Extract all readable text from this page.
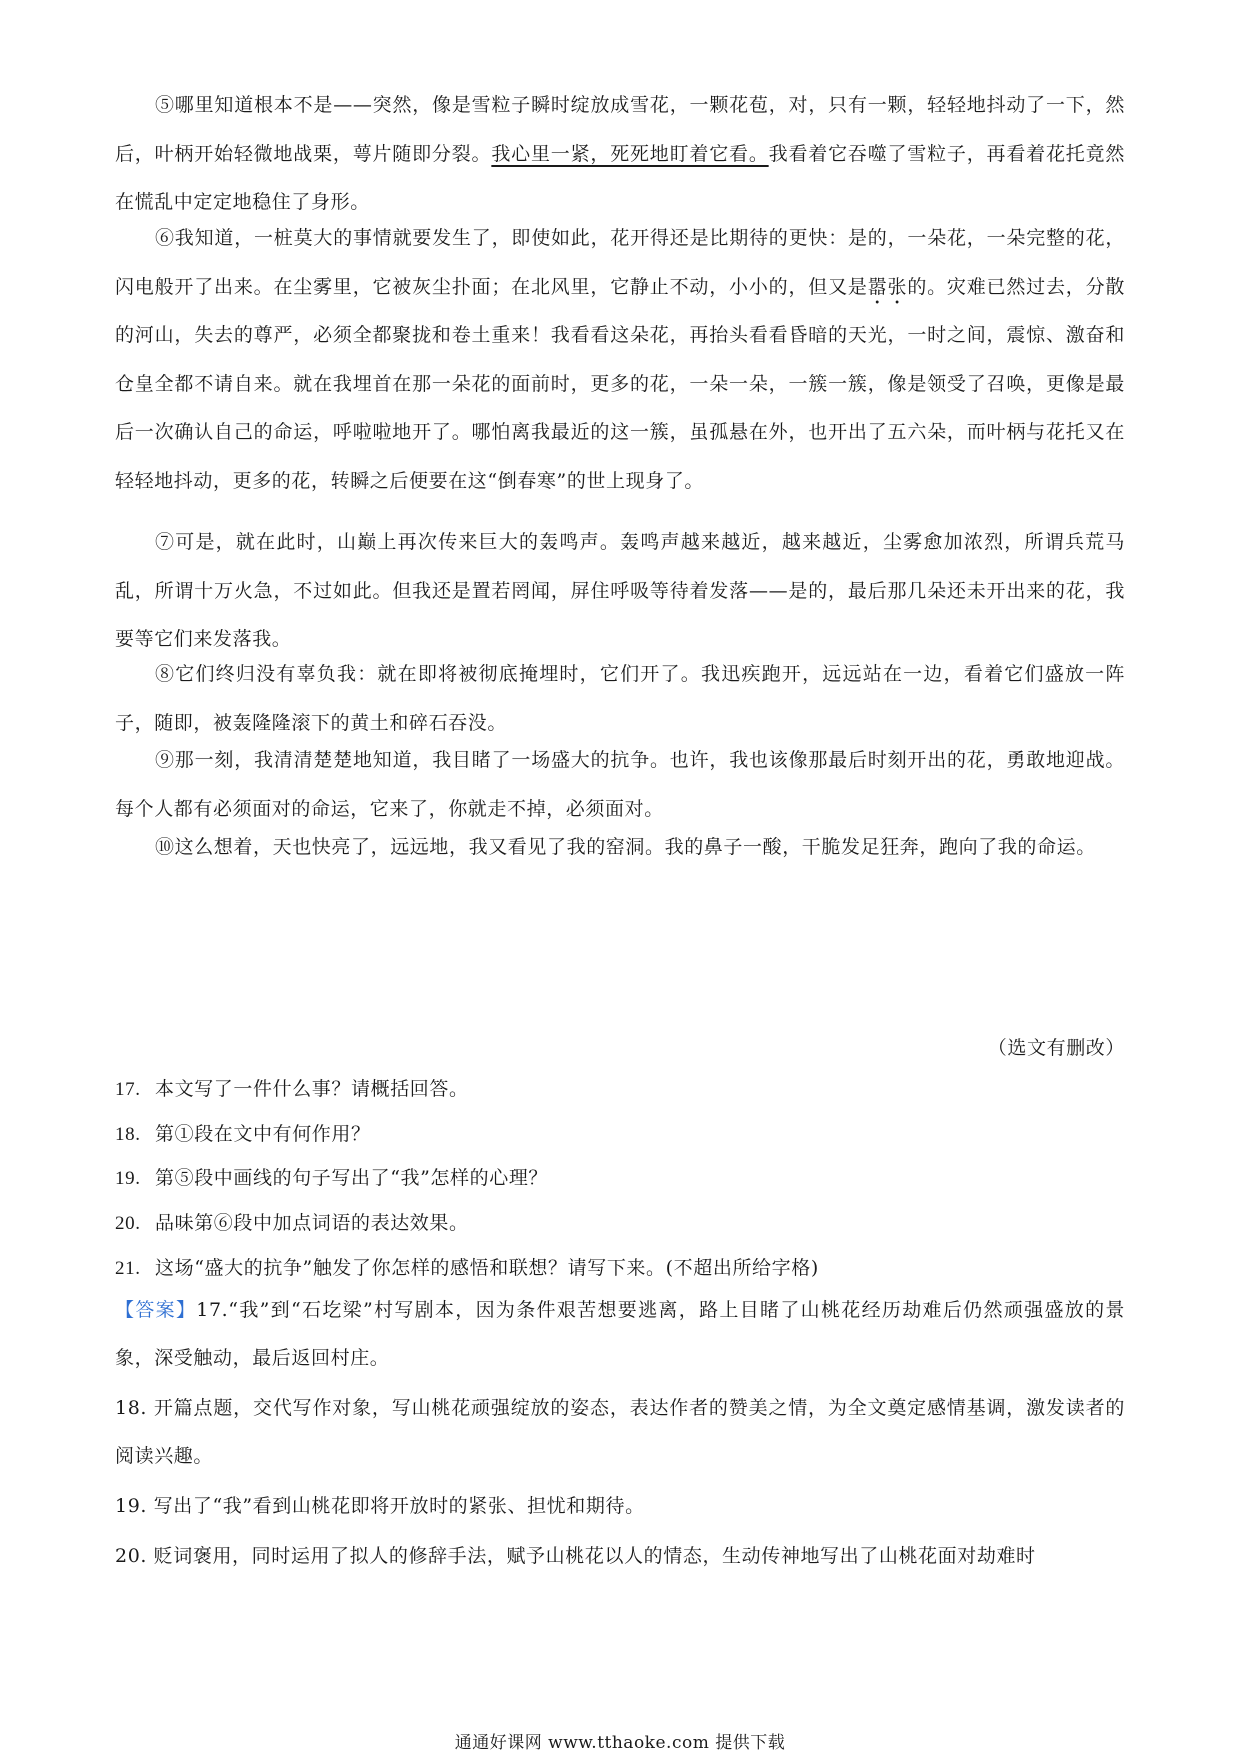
⑤哪里知道根本不是——突然，像是雪粒子瞬时绽放成雪花，一颗花苞，对，只有一颗，轻轻地抖动了一下，然后，叶柄开始轻微地战栗，萼片随即分裂。我心里一紧，死死地盯着它看。我看着它吞噬了雪粒子，再看着花托竟然在慌乱中定定地稳住了身形。

⑥我知道，一桩莫大的事情就要发生了，即使如此，花开得还是比期待的更快：是的，一朵花，一朵完整的花，闪电般开了出来。在尘雾里，它被灰尘扑面；在北风里，它静止不动，小小的，但又是嚣张的。灾难已然过去，分散的河山，失去的尊严，必须全都聚拢和卷土重来！我看看这朵花，再抬头看看昏暗的天光，一时之间，震惊、激奋和仓皇全都不请自来。就在我埋首在那一朵花的面前时，更多的花，一朵一朵，一簇一簇，像是领受了召唤，更像是最后一次确认自己的命运，呼啦啦地开了。哪怕离我最近的这一簇，虽孤悬在外，也开出了五六朵，而叶柄与花托又在轻轻地抖动，更多的花，转瞬之后便要在这“倒春寒”的世上现身了。

⑦可是，就在此时，山巅上再次传来巨大的轰鸣声。轰鸣声越来越近，越来越近，尘雾愈加浓烈，所谓兵荒马乱，所谓十万火急，不过如此。但我还是置若罔闻，屏住呼吸等待着发落——是的，最后那几朵还未开出来的花，我要等它们来发落我。

⑧它们终归没有辜负我：就在即将被彻底掩埋时，它们开了。我迅疾跑开，远远站在一边，看着它们盛放一阵子，随即，被轰隆隆滚下的黄土和碎石吞没。

⑨那一刻，我清清楚楚地知道，我目睹了一场盛大的抗争。也许，我也该像那最后时刻开出的花，勇敢地迎战。每个人都有必须面对的命运，它来了，你就走不掉，必须面对。

⑩这么想着，天也快亮了，远远地，我又看见了我的窑洞。我的鼻子一酸，干脆发足狂奔，跑向了我的命运。

（选文有删改）
17. 本文写了一件什么事？请概括回答。
18. 第①段在文中有何作用？
19. 第⑤段中画线的句子写出了“我”怎样的心理？
20. 品味第⑥段中加点词语的表达效果。
21. 这场“盛大的抗争”触发了你怎样的感悟和联想？请写下来。(不超出所给字格)

【答案】17.“我”到“石圪梁”村写剧本，因为条件艰苦想要逃离，路上目睹了山桃花经历劫难后仍然顽强盛放的景象，深受触动，最后返回村庄。

18. 开篇点题，交代写作对象，写山桃花顽强绽放的姿态，表达作者的赞美之情，为全文奠定感情基调，激发读者的阅读兴趣。

19. 写出了“我”看到山桃花即将开放时的紧张、担忧和期待。

20. 贬词褒用，同时运用了拟人的修辞手法，赋予山桃花以人的情态，生动传神地写出了山桃花面对劫难时

通通好课网 www.tthaoke.com 提供下载
